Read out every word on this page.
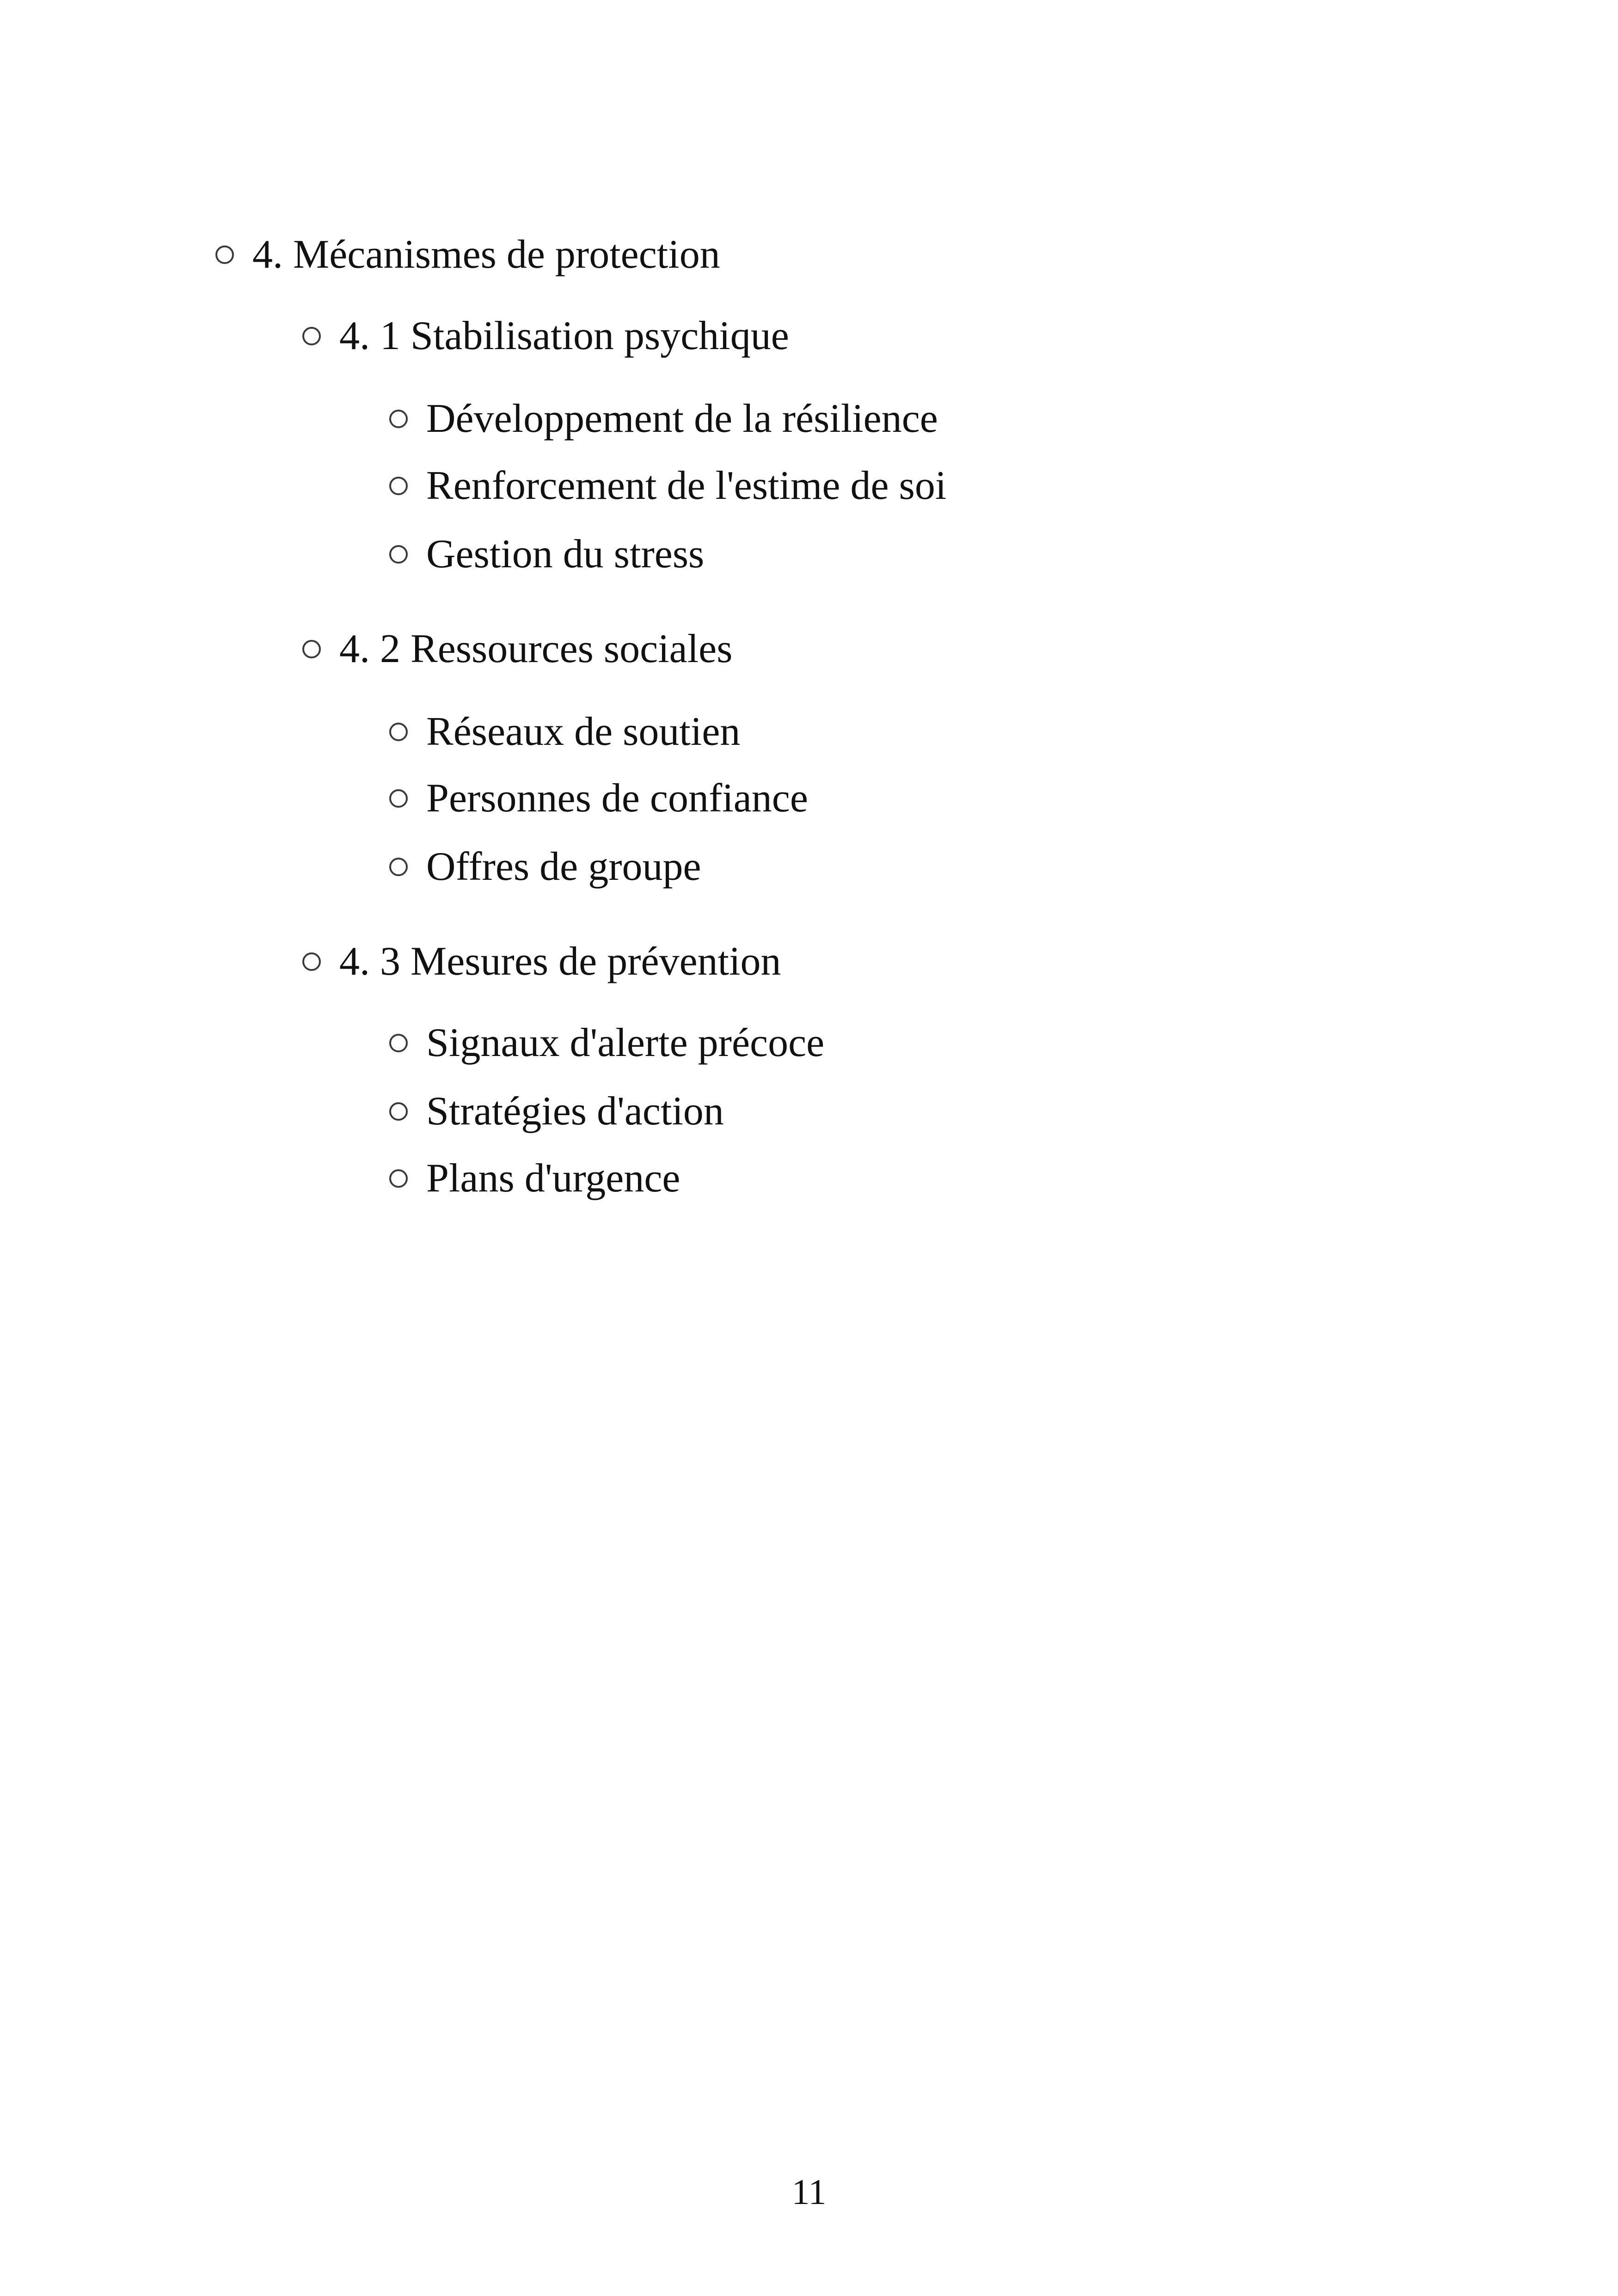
4. Mécanismes de protection
4. 1 Stabilisation psychique
Développement de la résilience
Renforcement de l'estime de soi
Gestion du stress
4. 2 Ressources sociales
Réseaux de soutien
Personnes de confiance
Offres de groupe
4. 3 Mesures de prévention
Signaux d'alerte précoce
Stratégies d'action
Plans d'urgence
11
